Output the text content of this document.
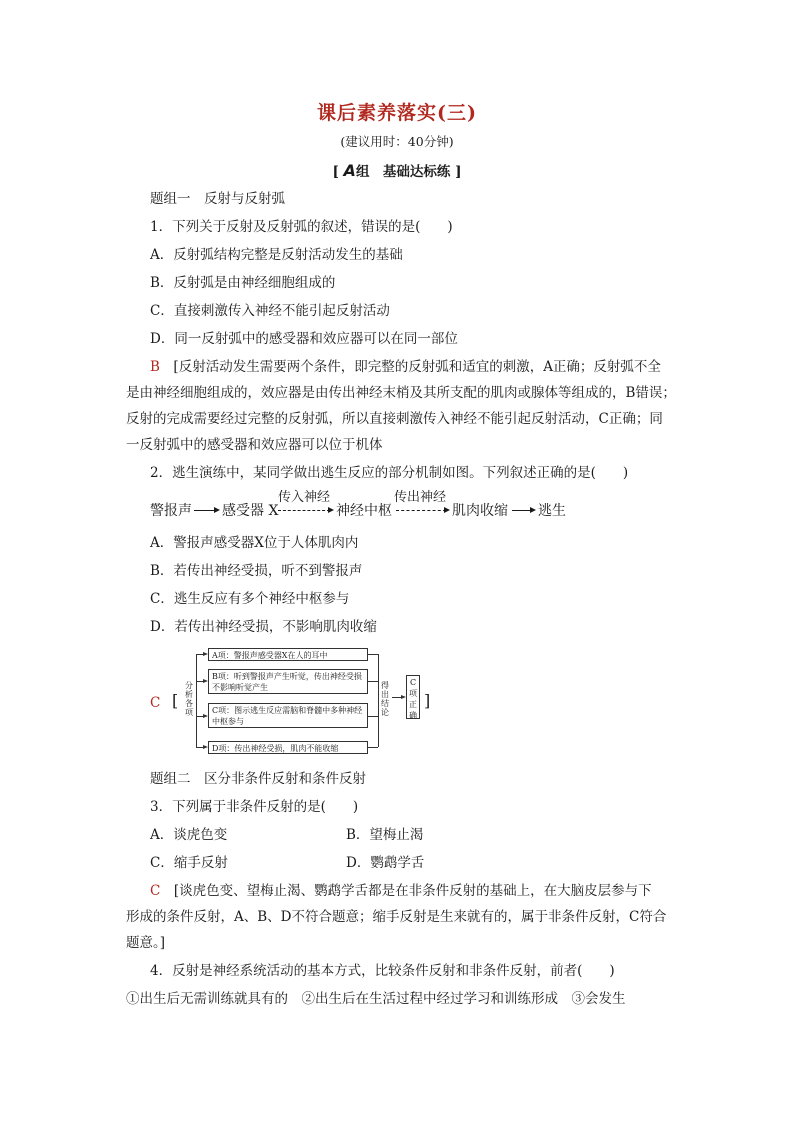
课后素养落实(三)
(建议用时：40分钟)
[ A组　基础达标练 ]
题组一　反射与反射弧
1．下列关于反射及反射弧的叙述，错误的是(　　)
A．反射弧结构完整是反射活动发生的基础
B．反射弧是由神经细胞组成的
C．直接刺激传入神经不能引起反射活动
D．同一反射弧中的感受器和效应器可以在同一部位
B　 [反射活动发生需要两个条件，即完整的反射弧和适宜的刺激，A正确；反射弧不全
是由神经细胞组成的，效应器是由传出神经末梢及其所支配的肌肉或腺体等组成的，B错误；
反射的完成需要经过完整的反射弧，所以直接刺激传入神经不能引起反射活动，C正确；同
一反射弧中的感受器和效应器可以位于机体
2．逃生演练中，某同学做出逃生反应的部分机制如图。下列叙述正确的是(　　)
警报声 感受器 X
传入神经
神经中枢
传出神经
肌肉收缩 逃生
A．警报声感受器X位于人体肌肉内
B．若传出神经受损，听不到警报声
C．逃生反应有多个神经中枢参与
D．若传出神经受损，不影响肌肉收缩
C [
分
析
各
项
A项：警报声感受器X在人的耳中
B项：听到警报声产生听觉，传出神经受损不影响听觉产生
C项：图示逃生反应需脑和脊髓中多种神经中枢参与
D项：传出神经受损，肌肉不能收缩
得
出
结
论
C
项
正
确
]
题组二　区分非条件反射和条件反射
3．下列属于非条件反射的是(　　)
A．谈虎色变	B．望梅止渴
C．缩手反射	D．鹦鹉学舌
C　 [谈虎色变、望梅止渴、鹦鹉学舌都是在非条件反射的基础上，在大脑皮层参与下
形成的条件反射，A、B、D不符合题意；缩手反射是生来就有的，属于非条件反射，C符合
题意。]
4．反射是神经系统活动的基本方式，比较条件反射和非条件反射，前者(　　)
①出生后无需训练就具有的　②出生后在生活过程中经过学习和训练形成　③会发生
